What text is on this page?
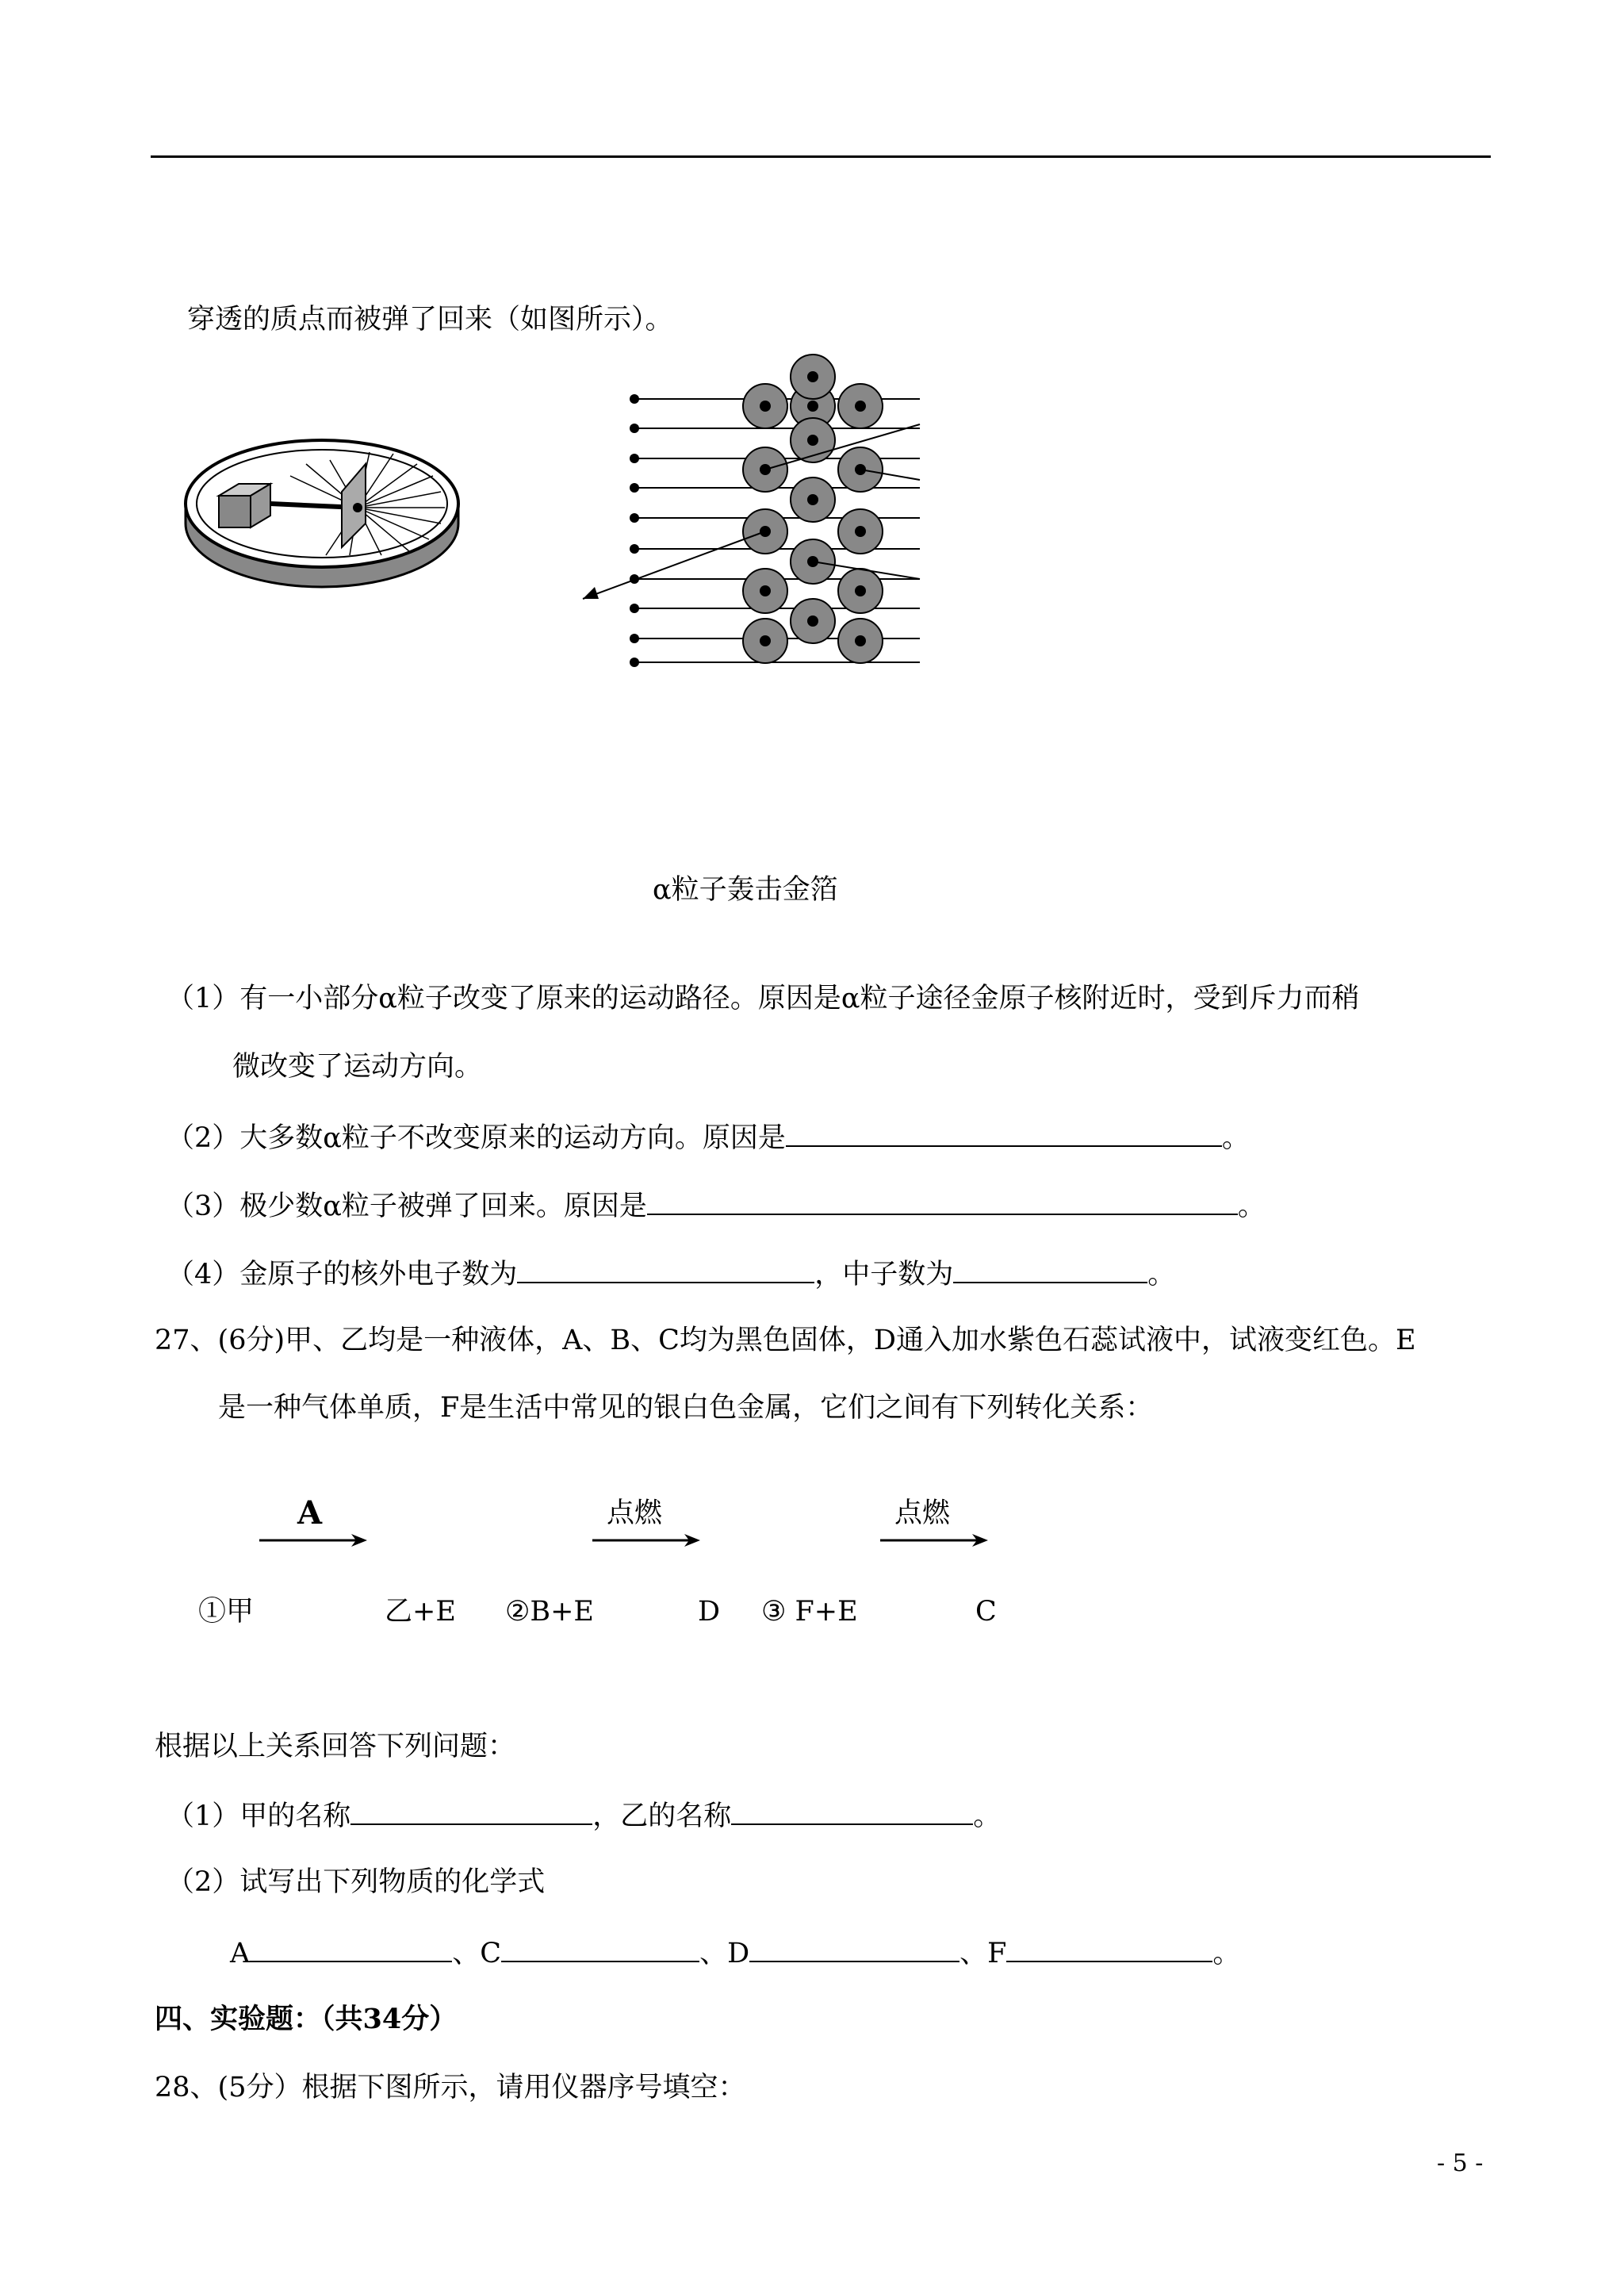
穿透的质点而被弹了回来（如图所示）。
α粒子轰击金箔
（1）有一小部分α粒子改变了原来的运动路径。原因是α粒子途径金原子核附近时，受到斥力而稍
微改变了运动方向。
（2）大多数α粒子不改变原来的运动方向。原因是	。
（3）极少数α粒子被弹了回来。原因是	。
（4）金原子的核外电子数为	，中子数为	。
27、(6分)甲、乙均是一种液体，A、B、C均为黑色固体，D通入加水紫色石蕊试液中，试液变红色。E
是一种气体单质，F是生活中常见的银白色金属，它们之间有下列转化关系：
A	点燃	点燃
①甲	乙+E ②B+E	D ③ F+E	C
根据以上关系回答下列问题：
（1）甲的名称	，乙的名称	。
（2）试写出下列物质的化学式
A	、C	、D	、F	。
四、实验题：（共34分）
28、(5分）根据下图所示，请用仪器序号填空：
- 5 -
